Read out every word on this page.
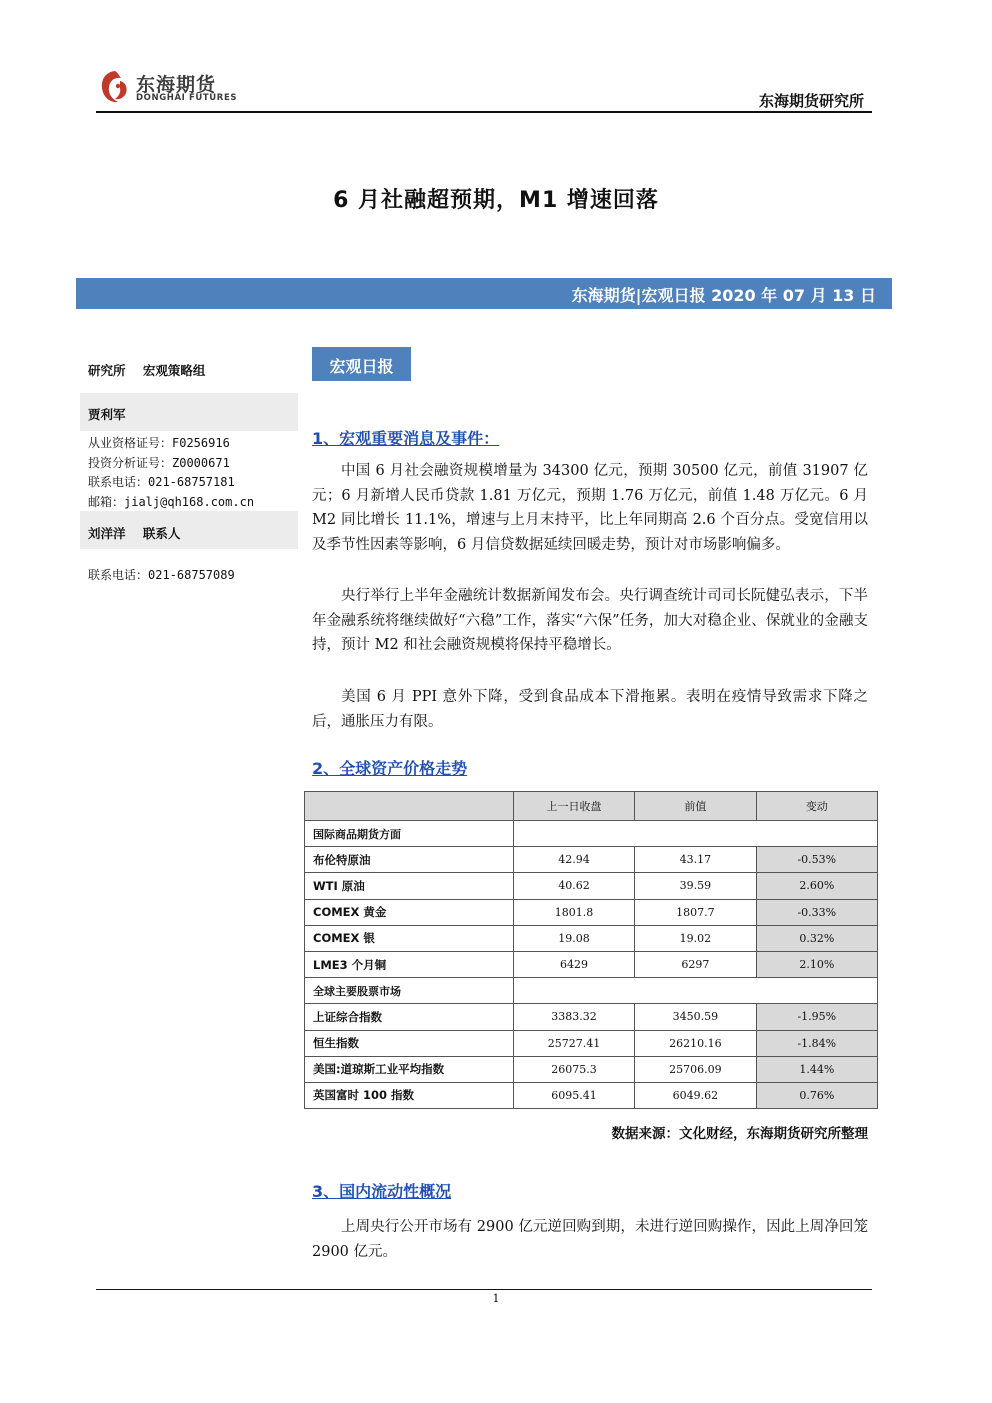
东海期货
DONGHAI FUTURES	东海期货研究所
6 月社融超预期，M1 增速回落
东海期货|宏观日报 2020 年 07 月 13 日
研究所    宏观策略组
贾利军
从业资格证号：F0256916
投资分析证号：Z0000671
联系电话：021-68757181
邮箱：jialj@qh168.com.cn
刘洋洋    联系人
联系电话：021-68757089
宏观日报
1、宏观重要消息及事件：
中国 6 月社会融资规模增量为 34300 亿元，预期 30500 亿元，前值 31907 亿元；6 月新增人民币贷款 1.81 万亿元，预期 1.76 万亿元，前值 1.48 万亿元。6 月 M2 同比增长 11.1%，增速与上月末持平，比上年同期高 2.6 个百分点。受宽信用以及季节性因素等影响，6 月信贷数据延续回暖走势，预计对市场影响偏多。
央行举行上半年金融统计数据新闻发布会。央行调查统计司司长阮健弘表示，下半年金融系统将继续做好“六稳”工作，落实“六保”任务，加大对稳企业、保就业的金融支持，预计 M2 和社会融资规模将保持平稳增长。
美国 6 月 PPI 意外下降，受到食品成本下滑拖累。表明在疫情导致需求下降之后，通胀压力有限。
2、全球资产价格走势
	上一日收盘	前值	变动
国际商品期货方面			
布伦特原油	42.94	43.17	-0.53%
WTI 原油	40.62	39.59	2.60%
COMEX 黄金	1801.8	1807.7	-0.33%
COMEX 银	19.08	19.02	0.32%
LME3 个月铜	6429	6297	2.10%
全球主要股票市场			
上证综合指数	3383.32	3450.59	-1.95%
恒生指数	25727.41	26210.16	-1.84%
美国:道琼斯工业平均指数	26075.3	25706.09	1.44%
英国富时 100 指数	6095.41	6049.62	0.76%
数据来源：文化财经，东海期货研究所整理
3、国内流动性概况
上周央行公开市场有 2900 亿元逆回购到期，未进行逆回购操作，因此上周净回笼 2900 亿元。
1
